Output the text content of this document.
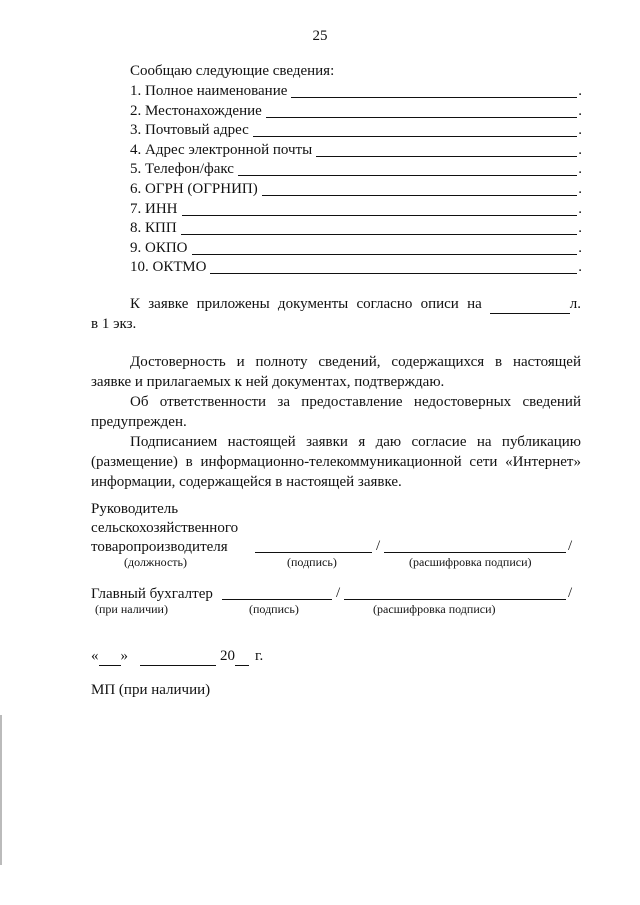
25
Сообщаю следующие сведения:
1. Полное наименование	.
2. Местонахождение	.
3. Почтовый адрес	.
4. Адрес электронной почты	.
5. Телефон/факс	.
6. ОГРН (ОГРНИП)	.
7. ИНН	.
8. КПП	.
9. ОКПО	.
10. ОКТМО	.
К заявке приложены документы согласно описи на	л.
в 1 экз.
Достоверность и полноту сведений, содержащихся в настоящей заявке и прилагаемых к ней документах, подтверждаю.
Об ответственности за предоставление недостоверных сведений предупрежден.
Подписанием настоящей заявки я даю согласие на публикацию (размещение) в информационно-телекоммуникационной сети «Интернет» информации, содержащейся в настоящей заявке.
Руководитель
сельскохозяйственного
товаропроизводителя	/	/
(должность)	(подпись)	(расшифровка подписи)
Главный бухгалтер	/	/
(при наличии)	(подпись)	(расшифровка подписи)
« »	20 г.
МП (при наличии)
